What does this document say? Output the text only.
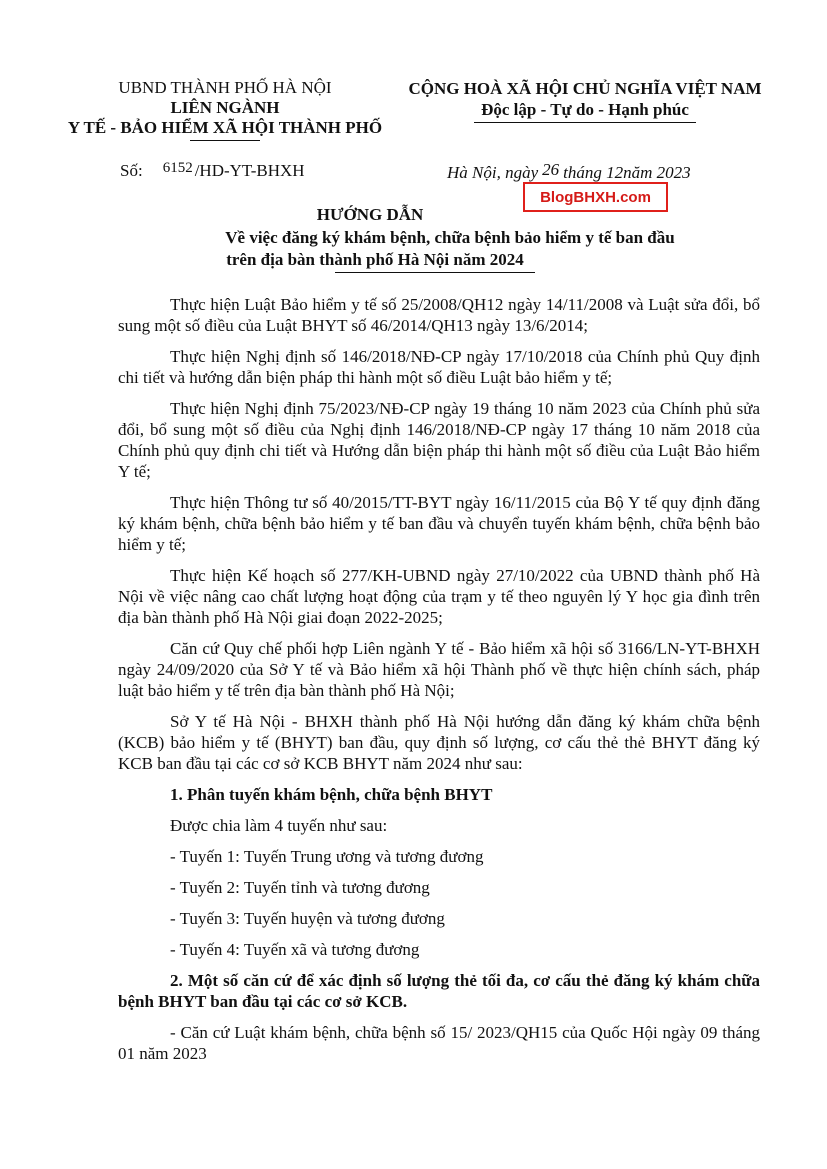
UBND THÀNH PHỐ HÀ NỘI
LIÊN NGÀNH
Y TẾ - BẢO HIỂM XÃ HỘI THÀNH PHỐ
CỘNG HOÀ XÃ HỘI CHỦ NGHĨA VIỆT NAM
Độc lập - Tự do - Hạnh phúc
Số: 6152 /HD-YT-BHXH	Hà Nội, ngày 26 tháng 12năm 2023
BlogBHXH.com
HƯỚNG DẪN
Về việc đăng ký khám bệnh, chữa bệnh bảo hiểm y tế ban đầu
trên địa bàn thành phố Hà Nội năm 2024

Thực hiện Luật Bảo hiểm y tế số 25/2008/QH12 ngày 14/11/2008 và Luật sửa đổi, bổ sung một số điều của Luật BHYT số 46/2014/QH13 ngày 13/6/2014;

Thực hiện Nghị định số 146/2018/NĐ-CP ngày 17/10/2018 của Chính phủ Quy định chi tiết và hướng dẫn biện pháp thi hành một số điều Luật bảo hiểm y tế;

Thực hiện Nghị định 75/2023/NĐ-CP ngày 19 tháng 10 năm 2023 của Chính phủ sửa đổi, bổ sung một số điều của Nghị định 146/2018/NĐ-CP ngày 17 tháng 10 năm 2018 của Chính phủ quy định chi tiết và Hướng dẫn biện pháp thi hành một số điều của Luật Bảo hiểm Y tế;

Thực hiện Thông tư số 40/2015/TT-BYT ngày 16/11/2015 của Bộ Y tế quy định đăng ký khám bệnh, chữa bệnh bảo hiểm y tế ban đầu và chuyển tuyến khám bệnh, chữa bệnh bảo hiểm y tế;

Thực hiện Kế hoạch số 277/KH-UBND ngày 27/10/2022 của UBND thành phố Hà Nội về việc nâng cao chất lượng hoạt động của trạm y tế theo nguyên lý Y học gia đình trên địa bàn thành phố Hà Nội giai đoạn 2022-2025;

Căn cứ Quy chế phối hợp Liên ngành Y tế - Bảo hiểm xã hội số 3166/LN-YT-BHXH ngày 24/09/2020 của Sở Y tế và Bảo hiểm xã hội Thành phố về thực hiện chính sách, pháp luật bảo hiểm y tế trên địa bàn thành phố Hà Nội;

Sở Y tế Hà Nội - BHXH thành phố Hà Nội hướng dẫn đăng ký khám chữa bệnh (KCB) bảo hiểm y tế (BHYT) ban đầu, quy định số lượng, cơ cấu thẻ thẻ BHYT đăng ký KCB ban đầu tại các cơ sở KCB BHYT năm 2024 như sau:

1. Phân tuyến khám bệnh, chữa bệnh BHYT
Được chia làm 4 tuyến như sau:
- Tuyến 1: Tuyến Trung ương và tương đương
- Tuyến 2: Tuyến tỉnh và tương đương
- Tuyến 3: Tuyến huyện và tương đương
- Tuyến 4: Tuyến xã và tương đương
2. Một số căn cứ để xác định số lượng thẻ tối đa, cơ cấu thẻ đăng ký khám chữa bệnh BHYT ban đầu tại các cơ sở KCB.

- Căn cứ Luật khám bệnh, chữa bệnh số 15/ 2023/QH15 của Quốc Hội ngày 09 tháng 01 năm 2023
